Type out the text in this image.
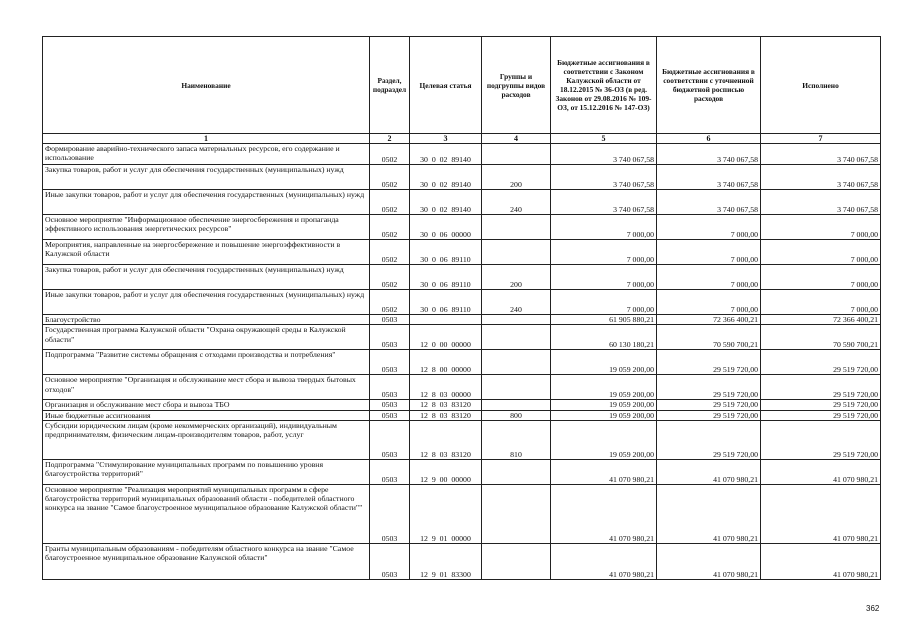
Наименование	Раздел, подраздел	Целевая статья	Группы и подгруппы видов расходов	Бюджетные ассигнования в соответствии с Законом Калужской области от 18.12.2015 № 36-ОЗ (в ред. Законов от 29.08.2016 № 109-ОЗ, от 15.12.2016 № 147-ОЗ)	Бюджетные ассигнования в соответствии с уточненной бюджетной росписью расходов	Исполнено
1	2	3	4	5	6	7
Формирование аварийно-технического запаса материальных ресурсов, его содержание и использование	0502	30  0  02  89140		3 740 067,58	3 740 067,58	3 740 067,58
Закупка товаров, работ и услуг для обеспечения государственных (муниципальных) нужд	0502	30  0  02  89140	200	3 740 067,58	3 740 067,58	3 740 067,58
Иные закупки товаров, работ и услуг для обеспечения государственных (муниципальных) нужд	0502	30  0  02  89140	240	3 740 067,58	3 740 067,58	3 740 067,58
Основное мероприятие "Информационное обеспечение энергосбережения и пропаганда эффективного использования энергетических ресурсов"	0502	30  0  06  00000		7 000,00	7 000,00	7 000,00
Мероприятия, направленные на энергосбережение и повышение энергоэффективности в Калужской области	0502	30  0  06  89110		7 000,00	7 000,00	7 000,00
Закупка товаров, работ и услуг для обеспечения государственных (муниципальных) нужд	0502	30  0  06  89110	200	7 000,00	7 000,00	7 000,00
Иные закупки товаров, работ и услуг для обеспечения государственных (муниципальных) нужд	0502	30  0  06  89110	240	7 000,00	7 000,00	7 000,00
Благоустройство	0503			61 905 880,21	72 366 400,21	72 366 400,21
Государственная программа Калужской области "Охрана окружающей среды в Калужской области"	0503	12  0  00  00000		60 130 180,21	70 590 700,21	70 590 700,21
Подпрограмма "Развитие системы обращения с отходами производства и потребления"	0503	12  8  00  00000		19 059 200,00	29 519 720,00	29 519 720,00
Основное мероприятие "Организация и обслуживание мест сбора и вывоза твердых бытовых отходов"	0503	12  8  03  00000		19 059 200,00	29 519 720,00	29 519 720,00
Организация и обслуживание мест сбора и вывоза ТБО	0503	12  8  03  83120		19 059 200,00	29 519 720,00	29 519 720,00
Иные бюджетные ассигнования	0503	12  8  03  83120	800	19 059 200,00	29 519 720,00	29 519 720,00
Субсидии юридическим лицам (кроме некоммерческих организаций), индивидуальным предпринимателям, физическим лицам-производителям товаров, работ, услуг	0503	12  8  03  83120	810	19 059 200,00	29 519 720,00	29 519 720,00
Подпрограмма "Стимулирование муниципальных программ по повышению уровня благоустройства территорий"	0503	12  9  00  00000		41 070 980,21	41 070 980,21	41 070 980,21
Основное мероприятие "Реализация мероприятий муниципальных программ в сфере благоустройства территорий муниципальных образований области - победителей областного конкурса на звание "Самое благоустроенное муниципальное образование Калужской области""	0503	12  9  01  00000		41 070 980,21	41 070 980,21	41 070 980,21
Гранты муниципальным образованиям - победителям областного конкурса на звание "Самое благоустроенное муниципальное образование Калужской области"	0503	12  9  01  83300		41 070 980,21	41 070 980,21	41 070 980,21
362
